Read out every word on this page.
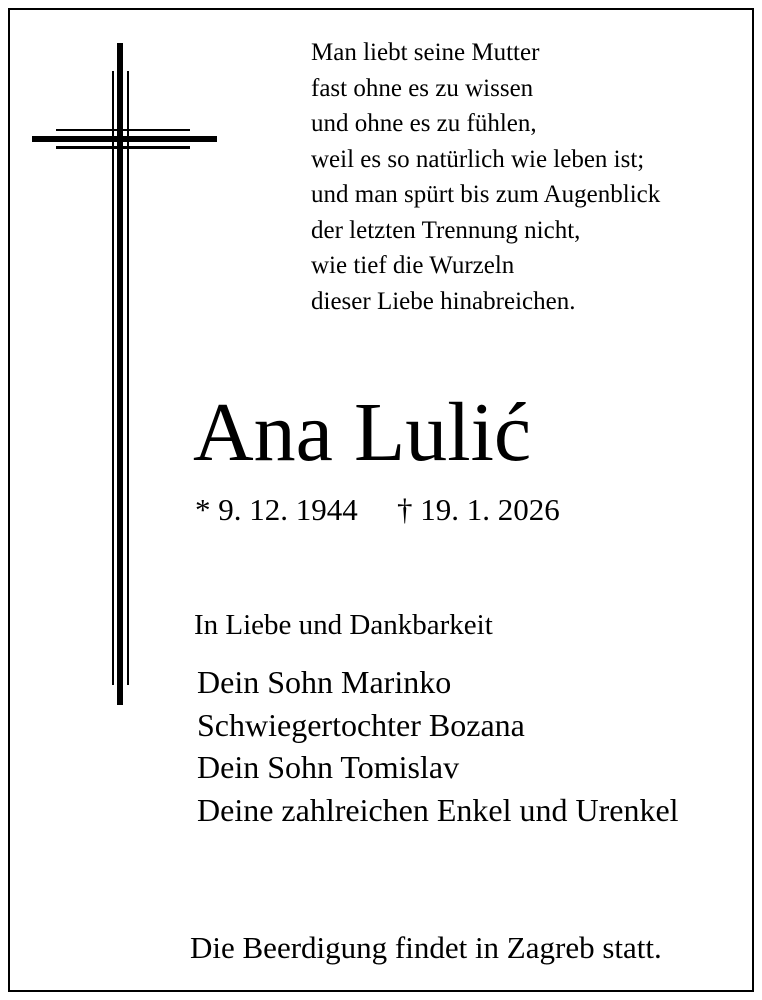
Man liebt seine Mutter
fast ohne es zu wissen
und ohne es zu fühlen,
weil es so natürlich wie leben ist;
und man spürt bis zum Augenblick
der letzten Trennung nicht,
wie tief die Wurzeln
dieser Liebe hinabreichen.
Ana Lulić
* 9. 12. 1944 † 19. 1. 2026
In Liebe und Dankbarkeit
Dein Sohn Marinko
Schwiegertochter Bozana
Dein Sohn Tomislav
Deine zahlreichen Enkel und Urenkel
Die Beerdigung findet in Zagreb statt.
